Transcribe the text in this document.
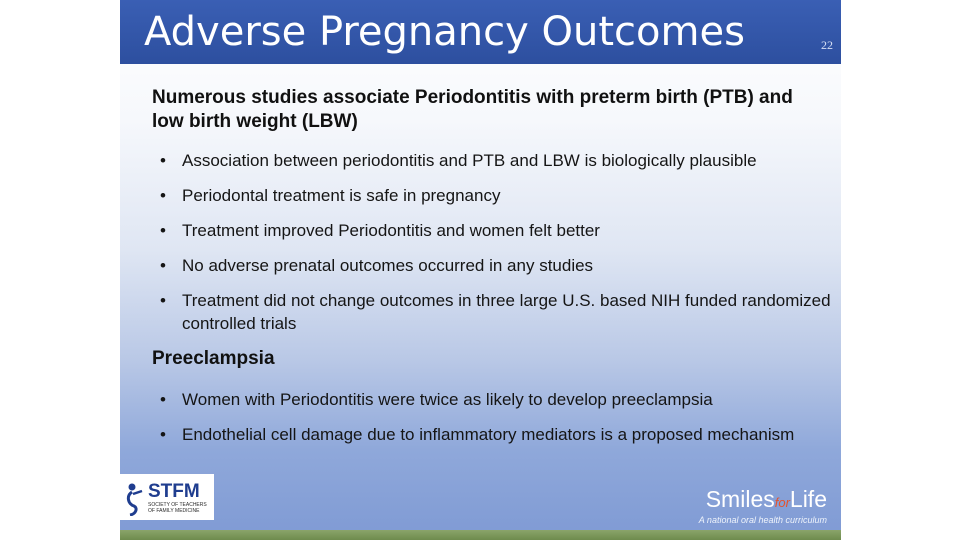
Adverse Pregnancy Outcomes	22
Numerous studies associate Periodontitis with preterm birth (PTB) and low birth weight (LBW)
• Association between periodontitis and PTB and LBW is biologically plausible
• Periodontal treatment is safe in pregnancy
• Treatment improved Periodontitis and women felt better
• No adverse prenatal outcomes occurred in any studies
• Treatment did not change outcomes in three large U.S. based NIH funded randomized controlled trials
Preeclampsia
• Women with Periodontitis were twice as likely to develop preeclampsia
• Endothelial cell damage due to inflammatory mediators is a proposed mechanism
STFM
SOCIETY OF TEACHERS OF FAMILY MEDICINE	SmilesforLife
A national oral health curriculum
